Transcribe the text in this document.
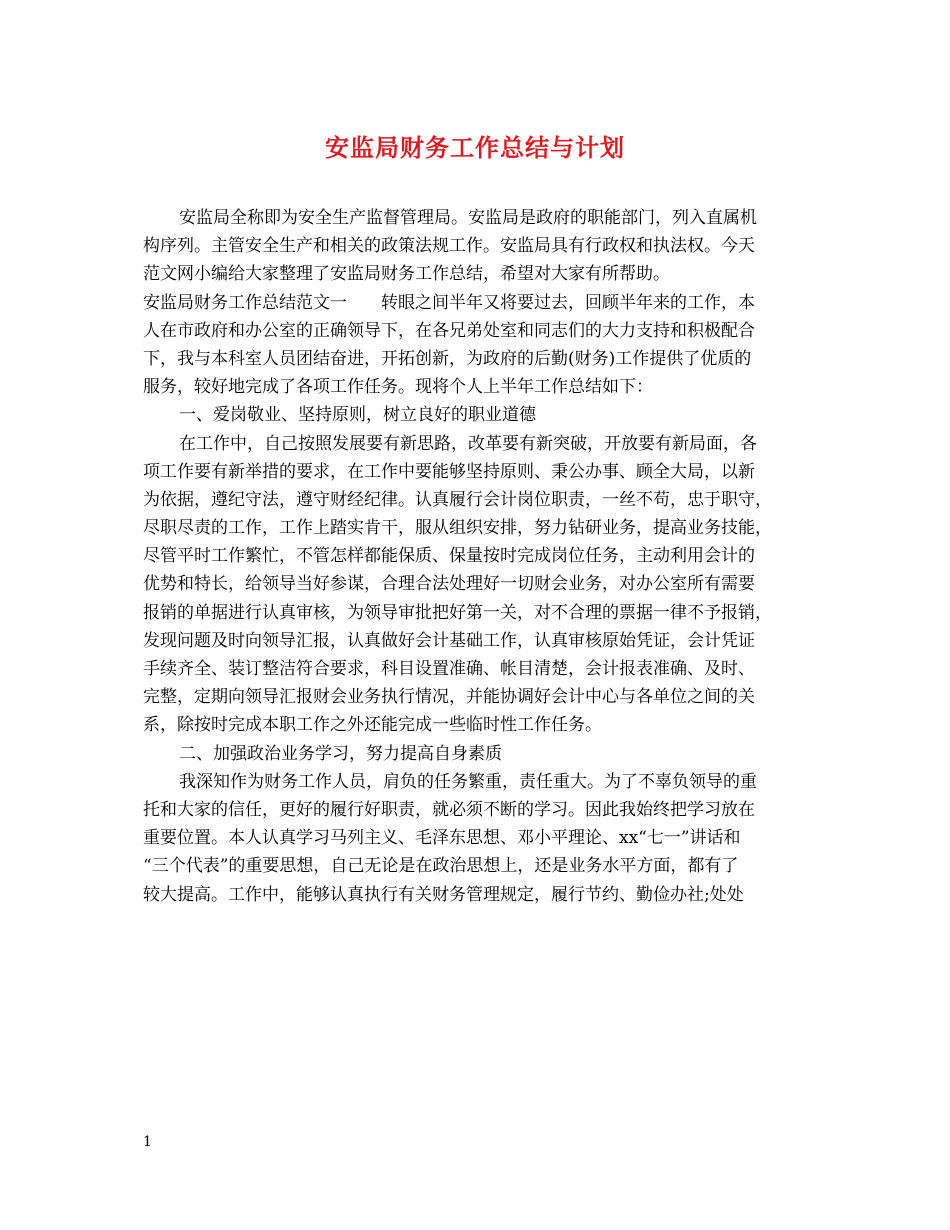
安监局财务工作总结与计划
安监局全称即为安全生产监督管理局。安监局是政府的职能部门，列入直属机
构序列。主管安全生产和相关的政策法规工作。安监局具有行政权和执法权。今天
范文网小编给大家整理了安监局财务工作总结，希望对大家有所帮助。
安监局财务工作总结范文一　　转眼之间半年又将要过去，回顾半年来的工作，本
人在市政府和办公室的正确领导下，在各兄弟处室和同志们的大力支持和积极配合
下，我与本科室人员团结奋进，开拓创新，为政府的后勤(财务)工作提供了优质的
服务，较好地完成了各项工作任务。现将个人上半年工作总结如下：
一、爱岗敬业、坚持原则，树立良好的职业道德
在工作中，自己按照发展要有新思路，改革要有新突破，开放要有新局面，各
项工作要有新举措的要求，在工作中要能够坚持原则、秉公办事、顾全大局，以新
为依据，遵纪守法，遵守财经纪律。认真履行会计岗位职责，一丝不苟，忠于职守，
尽职尽责的工作，工作上踏实肯干，服从组织安排，努力钻研业务，提高业务技能，
尽管平时工作繁忙，不管怎样都能保质、保量按时完成岗位任务，主动利用会计的
优势和特长，给领导当好参谋，合理合法处理好一切财会业务，对办公室所有需要
报销的单据进行认真审核，为领导审批把好第一关，对不合理的票据一律不予报销，
发现问题及时向领导汇报，认真做好会计基础工作，认真审核原始凭证，会计凭证
手续齐全、装订整洁符合要求，科目设置准确、帐目清楚，会计报表准确、及时、
完整，定期向领导汇报财会业务执行情况，并能协调好会计中心与各单位之间的关
系，除按时完成本职工作之外还能完成一些临时性工作任务。
二、加强政治业务学习，努力提高自身素质
我深知作为财务工作人员，肩负的任务繁重，责任重大。为了不辜负领导的重
托和大家的信任，更好的履行好职责，就必须不断的学习。因此我始终把学习放在
重要位置。本人认真学习马列主义、毛泽东思想、邓小平理论、xx“七一”讲话和
“三个代表”的重要思想，自己无论是在政治思想上，还是业务水平方面，都有了
较大提高。工作中，能够认真执行有关财务管理规定，履行节约、勤俭办社;处处
1
